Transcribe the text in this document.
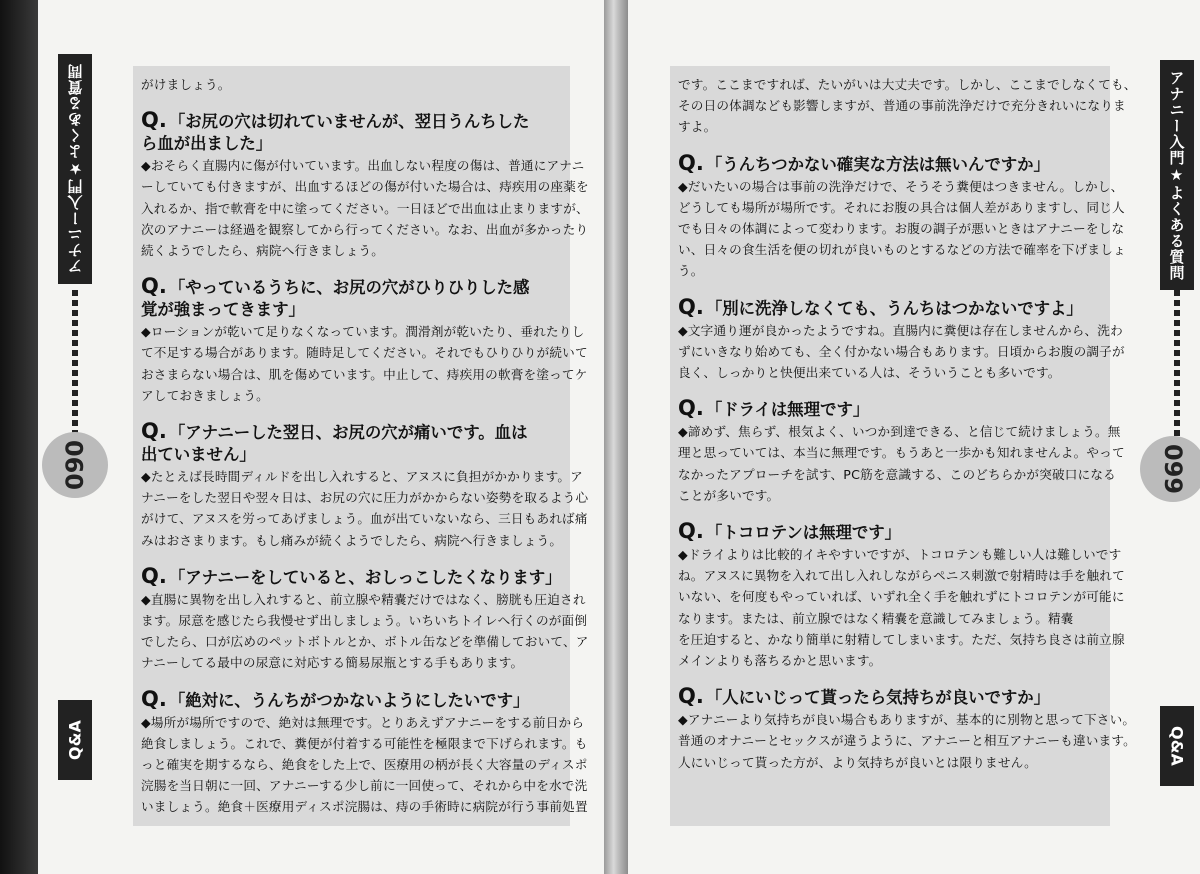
アナニー入門★よくある質問
090
Q&A
がけましょう。
Q. 「お尻の穴は切れていませんが、翌日うんちした
ら血が出ました」
◆おそらく直腸内に傷が付いています。出血しない程度の傷は、普通にアナニ
ーしていても付きますが、出血するほどの傷が付いた場合は、痔疾用の座薬を
入れるか、指で軟膏を中に塗ってください。一日ほどで出血は止まりますが、
次のアナニーは経過を観察してから行ってください。なお、出血が多かったり
続くようでしたら、病院へ行きましょう。
Q. 「やっているうちに、お尻の穴がひりひりした感
覚が強まってきます」
◆ローションが乾いて足りなくなっています。潤滑剤が乾いたり、垂れたりし
て不足する場合があります。随時足してください。それでもひりひりが続いて
おさまらない場合は、肌を傷めています。中止して、痔疾用の軟膏を塗ってケ
アしておきましょう。
Q. 「アナニーした翌日、お尻の穴が痛いです。血は
出ていません」
◆たとえば長時間ディルドを出し入れすると、アヌスに負担がかかります。ア
ナニーをした翌日や翌々日は、お尻の穴に圧力がかからない姿勢を取るよう心
がけて、アヌスを労ってあげましょう。血が出ていないなら、三日もあれば痛
みはおさまります。もし痛みが続くようでしたら、病院へ行きましょう。
Q. 「アナニーをしていると、おしっこしたくなります」
◆直腸に異物を出し入れすると、前立腺や精嚢だけではなく、膀胱も圧迫され
ます。尿意を感じたら我慢せず出しましょう。いちいちトイレへ行くのが面倒
でしたら、口が広めのペットボトルとか、ボトル缶などを準備しておいて、ア
ナニーしてる最中の尿意に対応する簡易尿瓶とする手もあります。
Q. 「絶対に、うんちがつかないようにしたいです」
◆場所が場所ですので、絶対は無理です。とりあえずアナニーをする前日から
絶食しましょう。これで、糞便が付着する可能性を極限まで下げられます。も
っと確実を期するなら、絶食をした上で、医療用の柄が長く大容量のディスポ
浣腸を当日朝に一回、アナニーする少し前に一回使って、それから中を水で洗
いましょう。絶食＋医療用ディスポ浣腸は、痔の手術時に病院が行う事前処置
です。ここまですれば、たいがいは大丈夫です。しかし、ここまでしなくても、
その日の体調なども影響しますが、普通の事前洗浄だけで充分きれいになりま
すよ。
Q. 「うんちつかない確実な方法は無いんですか」
◆だいたいの場合は事前の洗浄だけで、そうそう糞便はつきません。しかし、
どうしても場所が場所です。それにお腹の具合は個人差がありますし、同じ人
でも日々の体調によって変わります。お腹の調子が悪いときはアナニーをしな
い、日々の食生活を便の切れが良いものとするなどの方法で確率を下げましょ
う。
Q. 「別に洗浄しなくても、うんちはつかないですよ」
◆文字通り運が良かったようですね。直腸内に糞便は存在しませんから、洗わ
ずにいきなり始めても、全く付かない場合もあります。日頃からお腹の調子が
良く、しっかりと快便出来ている人は、そういうことも多いです。
Q. 「ドライは無理です」
◆諦めず、焦らず、根気よく、いつか到達できる、と信じて続けましょう。無
理と思っていては、本当に無理です。もうあと一歩かも知れませんよ。やって
なかったアプローチを試す、PC筋を意識する、このどちらかが突破口になる
ことが多いです。
Q. 「トコロテンは無理です」
◆ドライよりは比較的イキやすいですが、トコロテンも難しい人は難しいです
ね。アヌスに異物を入れて出し入れしながらペニス刺激で射精時は手を触れて
いない、を何度もやっていれば、いずれ全く手を触れずにトコロテンが可能に
なります。または、前立腺ではなく精嚢を意識してみましょう。精嚢
を圧迫すると、かなり簡単に射精してしまいます。ただ、気持ち良さは前立腺
メインよりも落ちるかと思います。
Q. 「人にいじって貰ったら気持ちが良いですか」
◆アナニーより気持ちが良い場合もありますが、基本的に別物と思って下さい。
普通のオナニーとセックスが違うように、アナニーと相互アナニーも違います。
人にいじって貰った方が、より気持ちが良いとは限りません。
アナニー入門★よくある質問
099
Q&A
